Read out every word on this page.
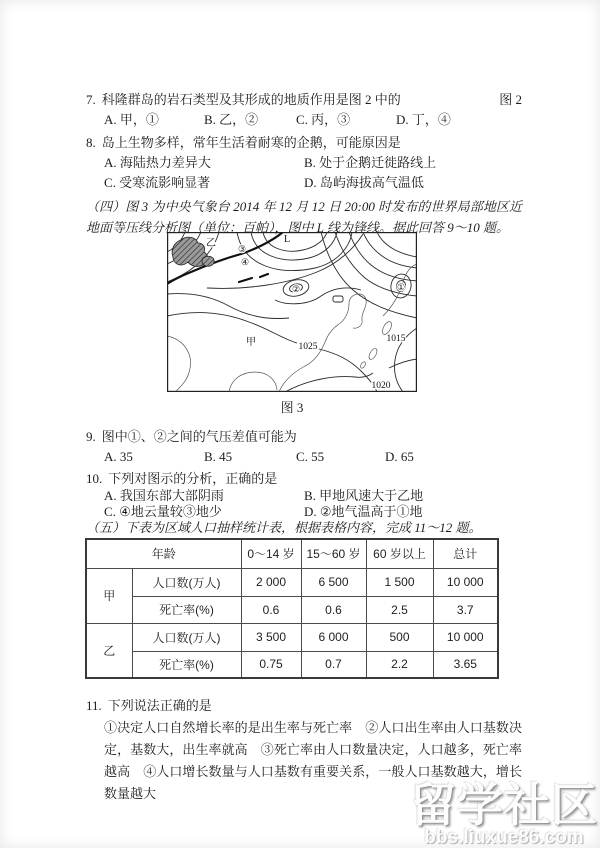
7. 科隆群岛的岩石类型及其形成的地质作用是图 2 中的	图 2
A. 甲，①	B. 乙，②	C. 丙，③	D. 丁，④
8. 岛上生物多样，常年生活着耐寒的企鹅，可能原因是
A. 海陆热力差异大	B. 处于企鹅迁徙路线上
C. 受寒流影响显著	D. 岛屿海拔高气温低
（四）图 3 为中央气象台 2014 年 12 月 12 日 20:00 时发布的世界局部地区近地面等压线分析图（单位：百帕），图中 L 线为锋线。据此回答 9～10 题。
乙	L
③
④
②	①
甲	1025
1015
1020
图 3
9. 图中①、②之间的气压差值可能为
A. 35	B. 45	C. 55	D. 65
10. 下列对图示的分析，正确的是
A. 我国东部大部阴雨	B. 甲地风速大于乙地
C. ④地云量较③地少	D. ②地气温高于①地
（五）下表为区域人口抽样统计表，根据表格内容，完成 11～12 题。
年龄		0～14 岁	15～60 岁	60 岁以上	总计
甲	人口数(万人)	2 000	6 500	1 500	10 000
	死亡率(%)	0.6	0.6	2.5	3.7
乙	人口数(万人)	3 500	6 000	500	10 000
	死亡率(%)	0.75	0.7	2.2	3.65
11. 下列说法正确的是
①决定人口自然增长率的是出生率与死亡率　②人口出生率由人口基数决定，基数大，出生率就高　③死亡率由人口数量决定，人口越多，死亡率越高　④人口增长数量与人口基数有重要关系，一般人口基数越大，增长数量越大	留学社区
bbs.liuxue86.com
